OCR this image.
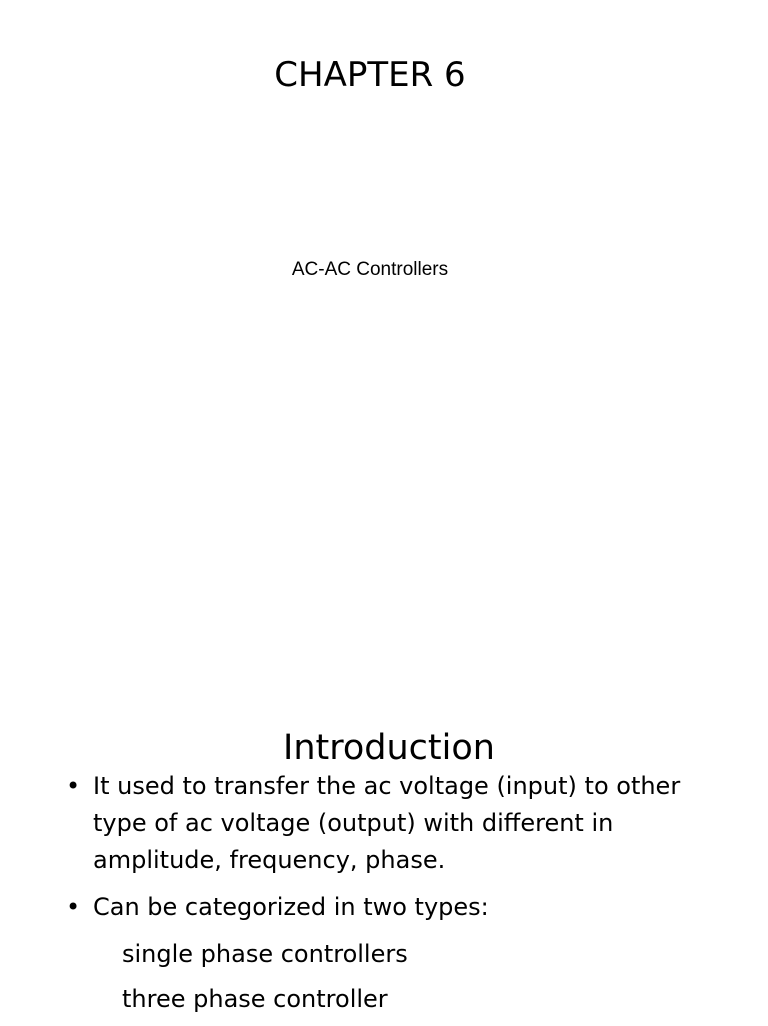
CHAPTER 6
AC-AC Controllers
Introduction
• It used to transfer the ac voltage (input) to other type of ac voltage (output) with different in amplitude, frequency, phase.
• Can be categorized in two types:
single phase controllers
three phase controller
